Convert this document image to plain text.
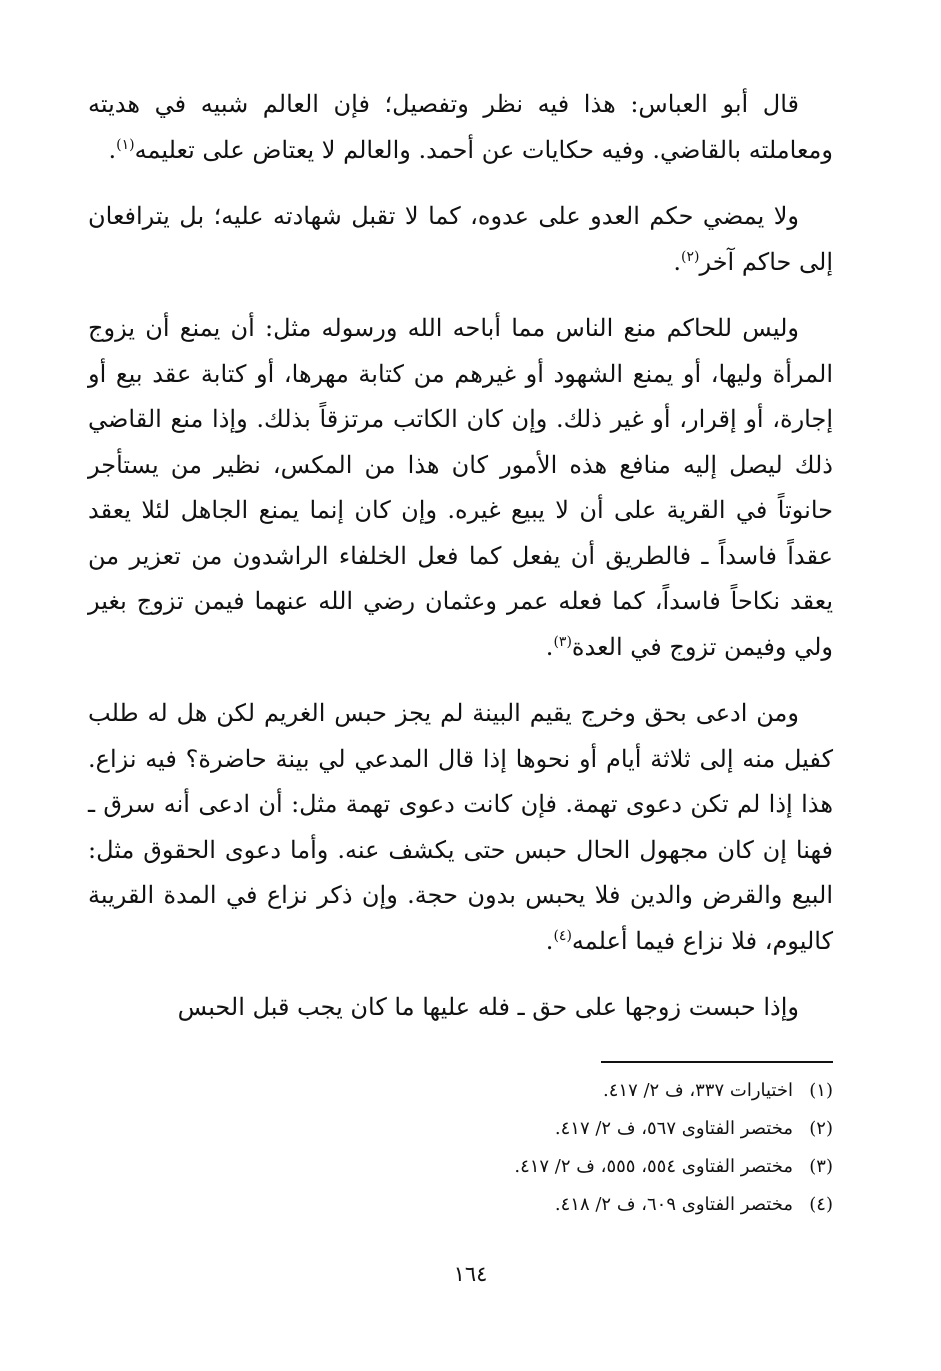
قال أبو العباس: هذا فيه نظر وتفصيل؛ فإن العالم شبيه في هديته ومعاملته بالقاضي. وفيه حكايات عن أحمد. والعالم لا يعتاض على تعليمه$^{(١)}$.

ولا يمضي حكم العدو على عدوه، كما لا تقبل شهادته عليه؛ بل يترافعان إلى حاكم آخر$^{(٢)}$.

وليس للحاكم منع الناس مما أباحه الله ورسوله مثل: أن يمنع أن يزوج المرأة وليها، أو يمنع الشهود أو غيرهم من كتابة مهرها، أو كتابة عقد بيع أو إجارة، أو إقرار، أو غير ذلك. وإن كان الكاتب مرتزقاً بذلك. وإذا منع القاضي ذلك ليصل إليه منافع هذه الأمور كان هذا من المكس، نظير من يستأجر حانوتاً في القرية على أن لا يبيع غيره. وإن كان إنما يمنع الجاهل لئلا يعقد عقداً فاسداً ـ فالطريق أن يفعل كما فعل الخلفاء الراشدون من تعزير من يعقد نكاحاً فاسداً، كما فعله عمر وعثمان رضي الله عنهما فيمن تزوج بغير ولي وفيمن تزوج في العدة$^{(٣)}$.

ومن ادعى بحق وخرج يقيم البينة لم يجز حبس الغريم لكن هل له طلب كفيل منه إلى ثلاثة أيام أو نحوها إذا قال المدعي لي بينة حاضرة؟ فيه نزاع. هذا إذا لم تكن دعوى تهمة. فإن كانت دعوى تهمة مثل: أن ادعى أنه سرق ـ فهنا إن كان مجهول الحال حبس حتى يكشف عنه. وأما دعوى الحقوق مثل: البيع والقرض والدين فلا يحبس بدون حجة. وإن ذكر نزاع في المدة القريبة كاليوم، فلا نزاع فيما أعلمه$^{(٤)}$.

وإذا حبست زوجها على حق ـ فله عليها ما كان يجب قبل الحبس

(١)
اختيارات ٣٣٧، ف ٢/ ٤١٧.
(٢)
مختصر الفتاوى ٥٦٧، ف ٢/ ٤١٧.
(٣)
مختصر الفتاوى ٥٥٤، ٥٥٥، ف ٢/ ٤١٧.
(٤)
مختصر الفتاوى ٦٠٩، ف ٢/ ٤١٨.
١٦٤
